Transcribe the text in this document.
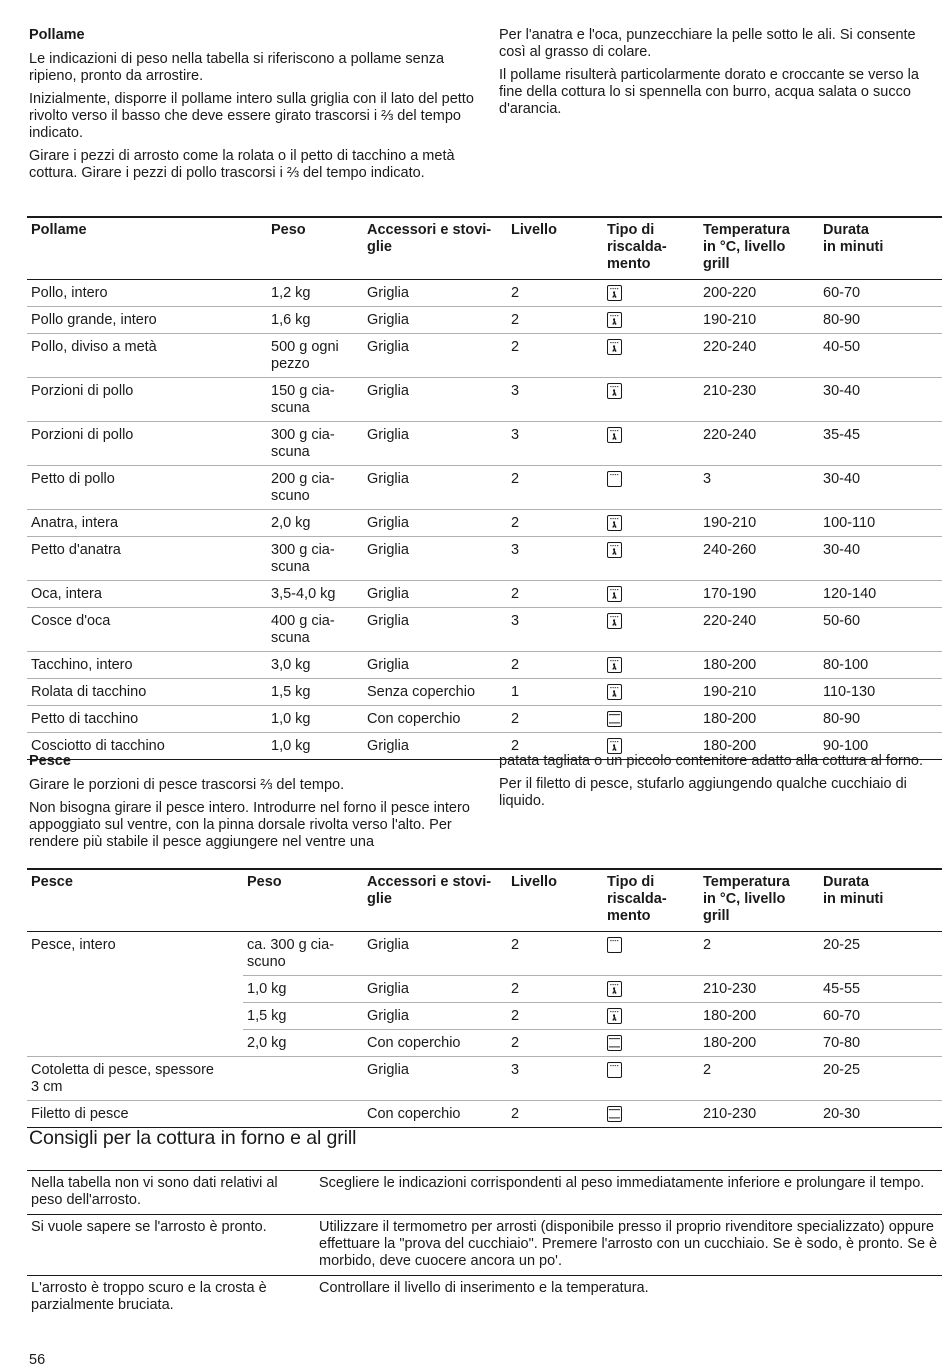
Pollame

Le indicazioni di peso nella tabella si riferiscono a pollame senza ripieno, pronto da arrostire.

Inizialmente, disporre il pollame intero sulla griglia con il lato del petto rivolto verso il basso che deve essere girato trascorsi i ⅔ del tempo indicato.

Girare i pezzi di arrosto come la rolata o il petto di tacchino a metà cottura. Girare i pezzi di pollo trascorsi i ⅔ del tempo indicato.

Per l'anatra e l'oca, punzecchiare la pelle sotto le ali. Si consente così al grasso di colare.

Il pollame risulterà particolarmente dorato e croccante se verso la fine della cottura lo si spennella con burro, acqua salata o succo d'arancia.

Pollame	Peso	Accessori e stovi-
glie	Livello	Tipo di
riscalda-
mento	Temperatura
in °C, livello
grill	Durata
in minuti
Pollo, intero	1,2 kg	Griglia	2		200-220	60-70
Pollo grande, intero	1,6 kg	Griglia	2		190-210	80-90
Pollo, diviso a metà	500 g ogni
pezzo	Griglia	2		220-240	40-50
Porzioni di pollo	150 g cia-
scuna	Griglia	3		210-230	30-40
Porzioni di pollo	300 g cia-
scuna	Griglia	3		220-240	35-45
Petto di pollo	200 g cia-
scuno	Griglia	2		3	30-40
Anatra, intera	2,0 kg	Griglia	2		190-210	100-110
Petto d'anatra	300 g cia-
scuna	Griglia	3		240-260	30-40
Oca, intera	3,5-4,0 kg	Griglia	2		170-190	120-140
Cosce d'oca	400 g cia-
scuna	Griglia	3		220-240	50-60
Tacchino, intero	3,0 kg	Griglia	2		180-200	80-100
Rolata di tacchino	1,5 kg	Senza coperchio	1		190-210	110-130
Petto di tacchino	1,0 kg	Con coperchio	2		180-200	80-90
Cosciotto di tacchino	1,0 kg	Griglia	2		180-200	90-100
Pesce

Girare le porzioni di pesce trascorsi ⅔ del tempo.

Non bisogna girare il pesce intero. Introdurre nel forno il pesce intero appoggiato sul ventre, con la pinna dorsale rivolta verso l'alto. Per rendere più stabile il pesce aggiungere nel ventre una

patata tagliata o un piccolo contenitore adatto alla cottura al forno.

Per il filetto di pesce, stufarlo aggiungendo qualche cucchiaio di liquido.

Pesce	Peso	Accessori e stovi-
glie	Livello	Tipo di
riscalda-
mento	Temperatura
in °C, livello
grill	Durata
in minuti
Pesce, intero	ca. 300 g cia-
scuno	Griglia	2		2	20-25
	1,0 kg	Griglia	2		210-230	45-55
	1,5 kg	Griglia	2		180-200	60-70
	2,0 kg	Con coperchio	2		180-200	70-80
Cotoletta di pesce, spessore
3 cm		Griglia	3		2	20-25
Filetto di pesce		Con coperchio	2		210-230	20-30
Consigli per la cottura in forno e al grill
Nella tabella non vi sono dati relativi al peso dell'arrosto.	Scegliere le indicazioni corrispondenti al peso immediatamente inferiore e prolungare il tempo.
Si vuole sapere se l'arrosto è pronto.	Utilizzare il termometro per arrosti (disponibile presso il proprio rivenditore specializzato) oppure effettuare la "prova del cucchiaio". Premere l'arrosto con un cucchiaio. Se è sodo, è pronto. Se è morbido, deve cuocere ancora un po'.
L'arrosto è troppo scuro e la crosta è parzialmente bruciata.	Controllare il livello di inserimento e la temperatura.
56
